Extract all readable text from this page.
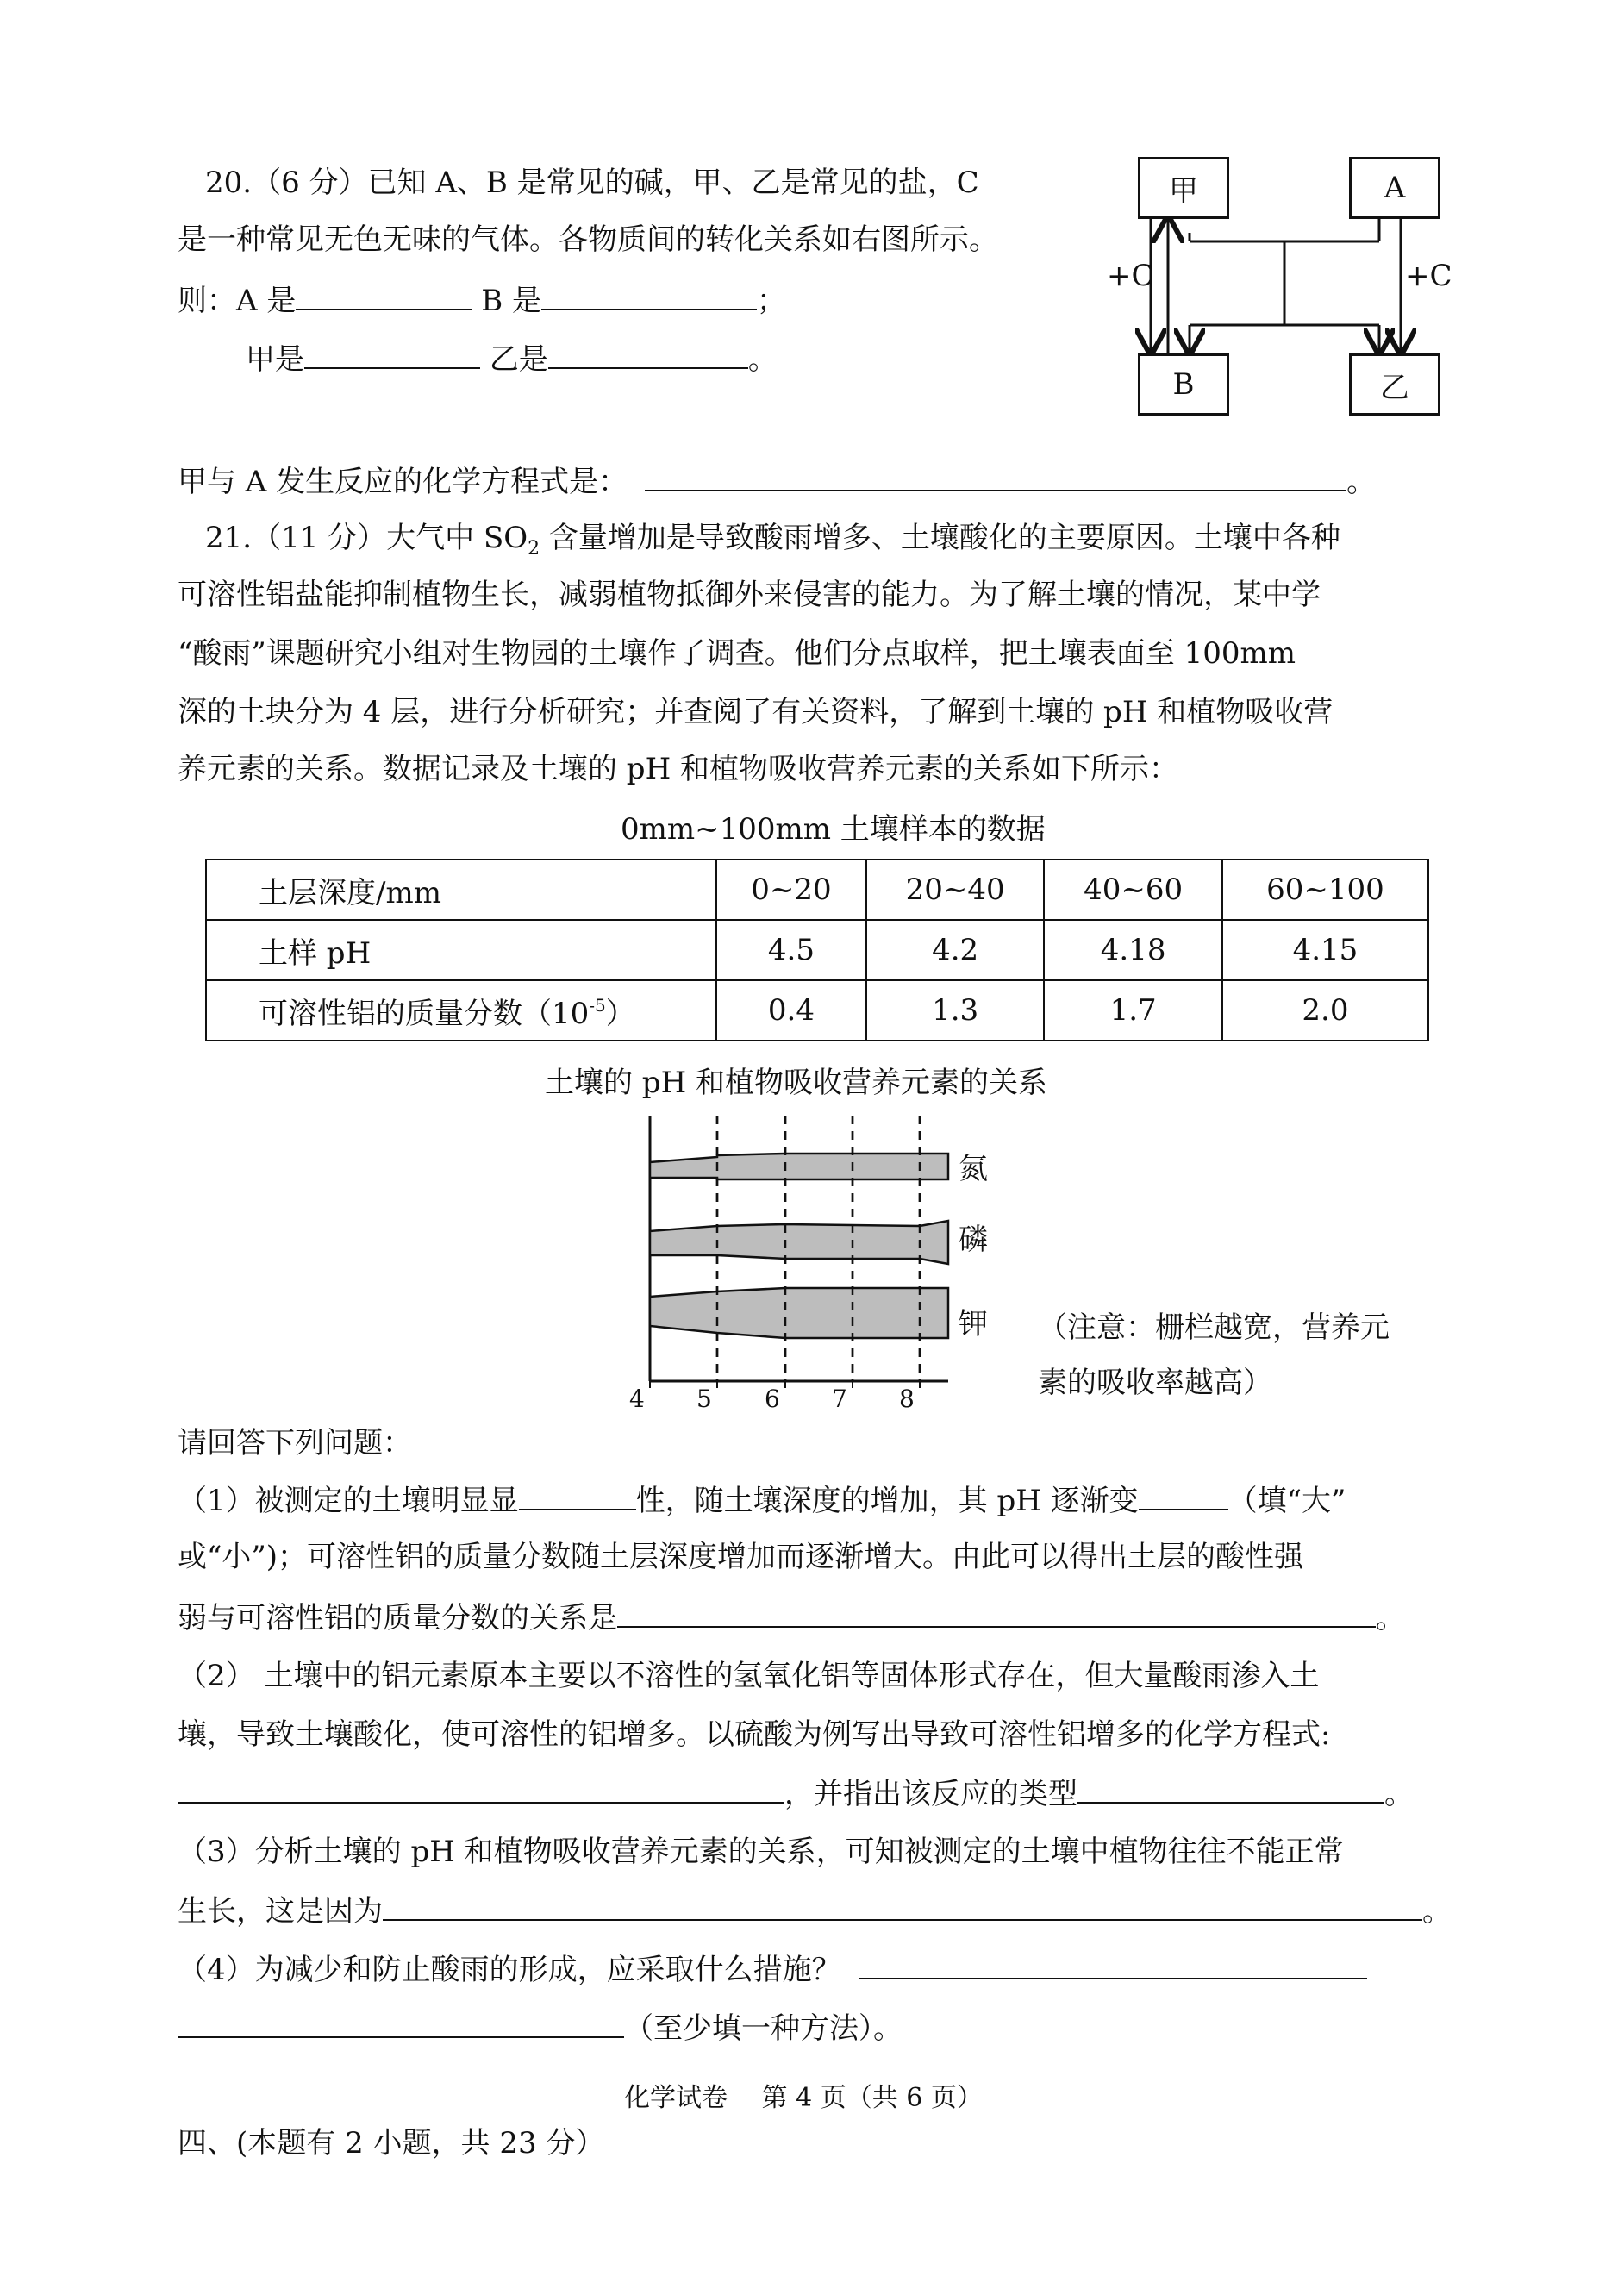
20.（6 分）已知 A、B 是常见的碱，甲、乙是常见的盐，C
是一种常见无色无味的气体。各物质间的转化关系如右图所示。
则：A 是	B 是	；
甲是	乙是	。
甲	A
B	乙
+C	+C
甲与 A 发生反应的化学方程式是：	。
21.（11 分）大气中 $SO_2$ 含量增加是导致酸雨增多、土壤酸化的主要原因。土壤中各种
可溶性铝盐能抑制植物生长，减弱植物抵御外来侵害的能力。为了解土壤的情况，某中学
“酸雨”课题研究小组对生物园的土壤作了调查。他们分点取样，把土壤表面至 100mm
深的土块分为 4 层，进行分析研究；并查阅了有关资料，了解到土壤的 pH 和植物吸收营
养元素的关系。数据记录及土壤的 pH 和植物吸收营养元素的关系如下所示：
0mm~100mm 土壤样本的数据
土层深度/mm	0~20	20~40	40~60	60~100
土样 pH	4.5	4.2	4.18	4.15
可溶性铝的质量分数$(10^{-5})$	0.4	1.3	1.7	2.0
土壤的 pH 和植物吸收营养元素的关系
氮
磷
钾
4 5 6 7 8
（注意：栅栏越宽，营养元
素的吸收率越高）
请回答下列问题：
（1）被测定的土壤明显显	性，随土壤深度的增加，其 pH 逐渐变	（填“大”
或“小”)；可溶性铝的质量分数随土层深度增加而逐渐增大。由此可以得出土层的酸性强
弱与可溶性铝的质量分数的关系是	。
（2） 土壤中的铝元素原本主要以不溶性的氢氧化铝等固体形式存在，但大量酸雨渗入土
壤，导致土壤酸化，使可溶性的铝增多。以硫酸为例写出导致可溶性铝增多的化学方程式:
，并指出该反应的类型	。
（3）分析土壤的 pH 和植物吸收营养元素的关系，可知被测定的土壤中植物往往不能正常
生长，这是因为	。
（4）为减少和防止酸雨的形成，应采取什么措施？
（至少填一种方法）。
化学试卷　 第 4 页（共 6 页）
四、(本题有 2 小题，共 23 分）
